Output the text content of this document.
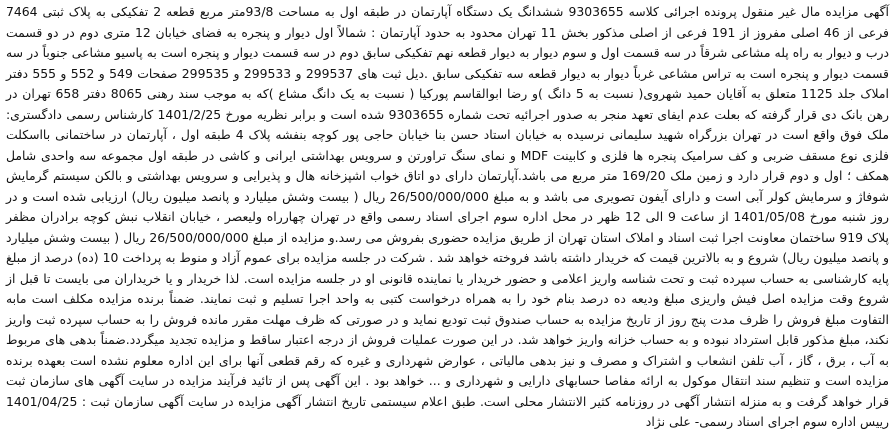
آگهی مزایده مال غیر منقول پرونده اجرائی کلاسه 9303655 ششدانگ یک دستگاه آپارتمان در طبقه اول به مساحت 93/8متر مربع قطعه 2 تفکیکی به پلاک ثبتی 7464 فرعی از 46 اصلی مفروز از 191 فرعی از اصلی مذکور بخش 11 تهران محدود به حدود آپارتمان : شمالاً اول دیوار و پنجره به فضای خیابان 12 متری دوم در دو قسمت درب و دیوار به راه پله مشاعی شرقاً در سه قسمت اول و سوم دیوار به دیوار قطعه نهم تفکیکی سابق دوم در سه قسمت دیوار و پنجره است به پاسیو مشاعی جنوباً در سه قسمت دیوار و پنجره است به تراس مشاعی غرباً دیوار به دیوار قطعه سه تفکیکی سابق .دیل ثبت های 299537 و 299533 و 299535 صفحات 549 و 552 و 555 دفتر املاک جلد 1125 متعلق به آقایان حمید شهروی( نسبت به 5 دانگ )و رضا ابوالقاسم پورکیا ( نسبت به یک دانگ مشاع )که به موجب سند رهنی 8065 دفتر 658 تهران در رهن بانک دی قرار گرفته که بعلت عدم ایفای تعهد منجر به صدور اجرائیه تحت شماره 9303655 شده است و برابر نظریه مورخ 1401/2/25 کارشناس رسمی دادگستری: ملک فوق واقع است در تهران بزرگراه شهید سلیمانی نرسیده به خیابان استاد حسن بنا خیابان حاجی پور کوچه بنفشه پلاک 4 طبقه اول ، آپارتمان در ساختمانی بااسکلت فلزی نوع مسقف ضربی و کف سرامیک پنجره ها فلزی و کابینت MDF و نمای سنگ تراورتن و سرویس بهداشتی ایرانی و کاشی در طبقه اول مجموعه سه واحدی شامل همکف ؛ اول و دوم قرار دارد و زمین ملک 169/20 متر مربع می باشد.آپارتمان دارای دو اتاق خواب اشپزخانه هال و پذیرایی و سرویس بهداشتی و بالکن سیستم گرمایش شوفاژ و سرمایش کولر آبی است و دارای آیفون تصویری می باشد و به مبلغ 26/500/000/000 ریال ( بیست وشش میلیارد و پانصد میلیون ریال) ارزیابی شده است و در روز شنبه مورخ 1401/05/08 از ساعت 9 الی 12 ظهر در محل اداره سوم اجرای اسناد رسمی واقع در تهران چهارراه ولیعصر ، خیابان انقلاب نبش کوچه برادران مظفر پلاک 919 ساختمان معاونت اجرا ثبت اسناد و املاک استان تهران از طریق مزایده حضوری بفروش می رسد.و مزایده از مبلغ 26/500/000/000 ریال ( بیست وشش میلیارد و پانصد میلیون ریال) شروع و به بالاترین قیمت که خریدار داشته باشد فروخته خواهد شد . شرکت در جلسه مزایده برای عموم آزاد و منوط به پرداخت 10 (ده) درصد از مبلغ پایه کارشناسی به حساب سپرده ثبت و تحت شناسه واریز اعلامی و حضور خریدار یا نماینده قانونی او در جلسه مزایده است. لذا خریدار و یا خریداران می بایست تا قبل از شروع وقت مزایده اصل فیش واریزی مبلغ ودیعه ده درصد بنام خود را به همراه درخواست کتبی به واحد اجرا تسلیم و ثبت نمایند. ضمناً برنده مزایده مکلف است مابه التفاوت مبلغ فروش را ظرف مدت پنج روز از تاریخ مزایده به حساب صندوق ثبت تودیع نماید و در صورتی که ظرف مهلت مقرر مانده فروش را به حساب سپرده ثبت واریز نکند، مبلغ مذکور قابل استرداد نبوده و به حساب خزانه واریز خواهد شد. در این صورت عملیات فروش از درجه اعتبار ساقط و مزایده تجدید میگردد.ضمناً بدهی های مربوط به آب ، برق ، گاز ، آب تلفن انشعاب و اشتراک و مصرف و نیز بدهی مالیاتی ، عوارض شهرداری و غیره که رقم قطعی آنها برای این اداره معلوم نشده است بعهده برنده مزایده است و تنظیم سند انتقال موکول به ارائه مفاصا حسابهای دارایی و شهرداری و ... خواهد بود . این آگهی پس از تائید فرآیند مزایده در سایت آگهی های سازمان ثبت قرار خواهد گرفت و به منزله انتشار آگهی در روزنامه کثیر الانتشار محلی است. طبق اعلام سیستمی تاریخ انتشار آگهی مزایده در سایت آگهی سازمان ثبت : 1401/04/25 رییس اداره سوم اجرای اسناد رسمی- علی نژاد
